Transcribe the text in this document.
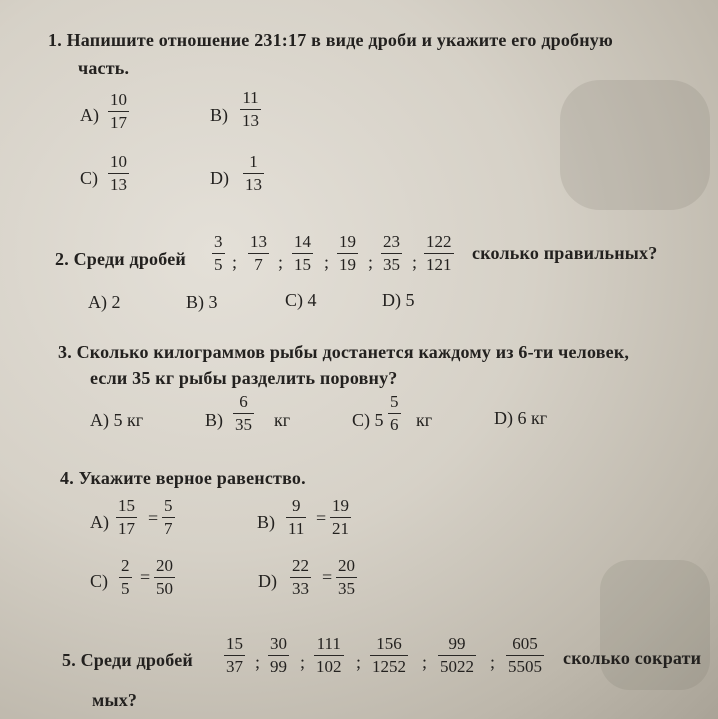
1. Напишите отношение 231:17 в виде дроби и укажите его дробную
часть.
A)
10
17	B)
11
13
C)
10
13	D)
1
13
2. Среди дробей
3
5 ;
13
7 ;
14
15 ;
19
19 ;
23
35 ;
122
121
сколько правильных?
A) 2	B) 3	C) 4	D) 5
3. Сколько килограммов рыбы достанется каждому из 6-ти человек,
если 35 кг рыбы разделить поровну?
A) 5 кг	B)
6
35 кг	C) 5
5
6 кг	D) 6 кг
4. Укажите верное равенство.
A)
15
17
=
5
7	B)
9
11
=
19
21
C)
2
5
=
20
50	D)
22
33
=
20
35
5. Среди дробей
15
37 ;
30
99 ;
111
102 ;
156
1252 ;
99
5022 ;
605
5505 сколько сократи
мых?
